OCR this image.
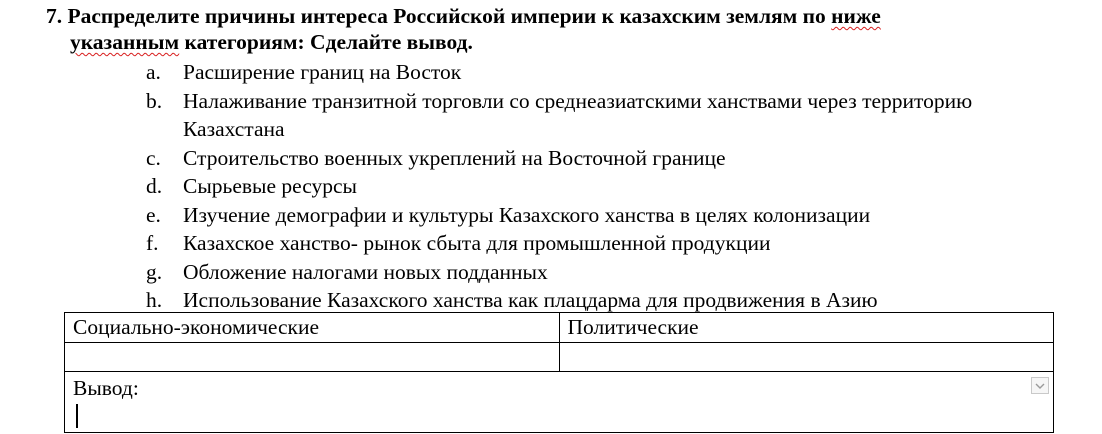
7. Распределите причины интереса Российской империи к казахским землям по ниже
указанным категориям: Сделайте вывод.
a.	Расширение границ на Восток
b. Налаживание транзитной торговли со среднеазиатскими ханствами через территорию Казахстана
c.	Строительство военных укреплений на Восточной границе
d. Сырьевые ресурсы
e.	Изучение демографии и культуры Казахского ханства в целях колонизации
f.	Казахское ханство- рынок сбыта для промышленной продукции
g. Обложение налогами новых подданных
h. Использование Казахского ханства как плацдарма для продвижения в Азию
Социально-экономические	Политические

Вывод:	
